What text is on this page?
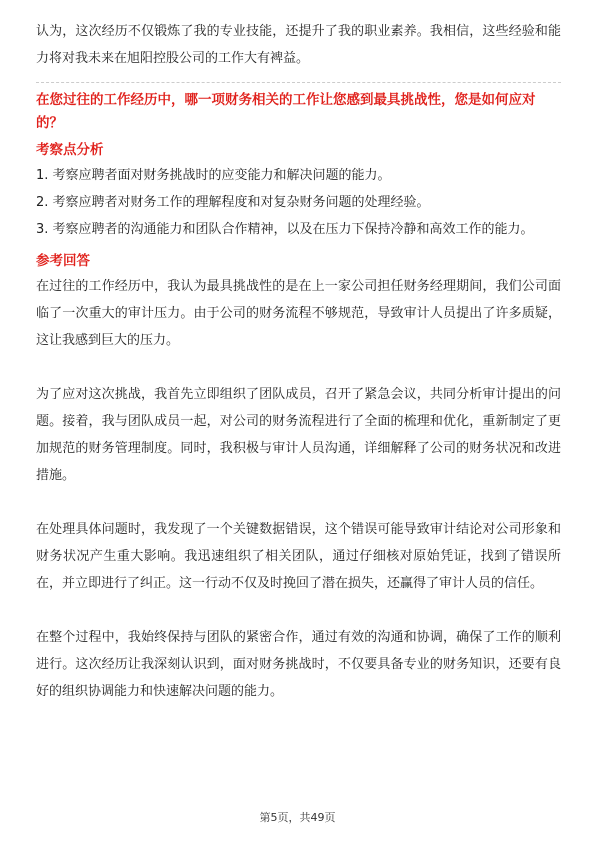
认为，这次经历不仅锻炼了我的专业技能，还提升了我的职业素养。我相信，这些经验和能力将对我未来在旭阳控股公司的工作大有裨益。

在您过往的工作经历中，哪一项财务相关的工作让您感到最具挑战性，您是如何应对的？

考察点分析

1. 考察应聘者面对财务挑战时的应变能力和解决问题的能力。

2. 考察应聘者对财务工作的理解程度和对复杂财务问题的处理经验。

3. 考察应聘者的沟通能力和团队合作精神，以及在压力下保持冷静和高效工作的能力。

参考回答

在过往的工作经历中，我认为最具挑战性的是在上一家公司担任财务经理期间，我们公司面临了一次重大的审计压力。由于公司的财务流程不够规范，导致审计人员提出了许多质疑，这让我感到巨大的压力。

为了应对这次挑战，我首先立即组织了团队成员，召开了紧急会议，共同分析审计提出的问题。接着，我与团队成员一起，对公司的财务流程进行了全面的梳理和优化，重新制定了更加规范的财务管理制度。同时，我积极与审计人员沟通，详细解释了公司的财务状况和改进措施。

在处理具体问题时，我发现了一个关键数据错误，这个错误可能导致审计结论对公司形象和财务状况产生重大影响。我迅速组织了相关团队，通过仔细核对原始凭证，找到了错误所在，并立即进行了纠正。这一行动不仅及时挽回了潜在损失，还赢得了审计人员的信任。

在整个过程中，我始终保持与团队的紧密合作，通过有效的沟通和协调，确保了工作的顺利进行。这次经历让我深刻认识到，面对财务挑战时，不仅要具备专业的财务知识，还要有良好的组织协调能力和快速解决问题的能力。

第5页，共49页
